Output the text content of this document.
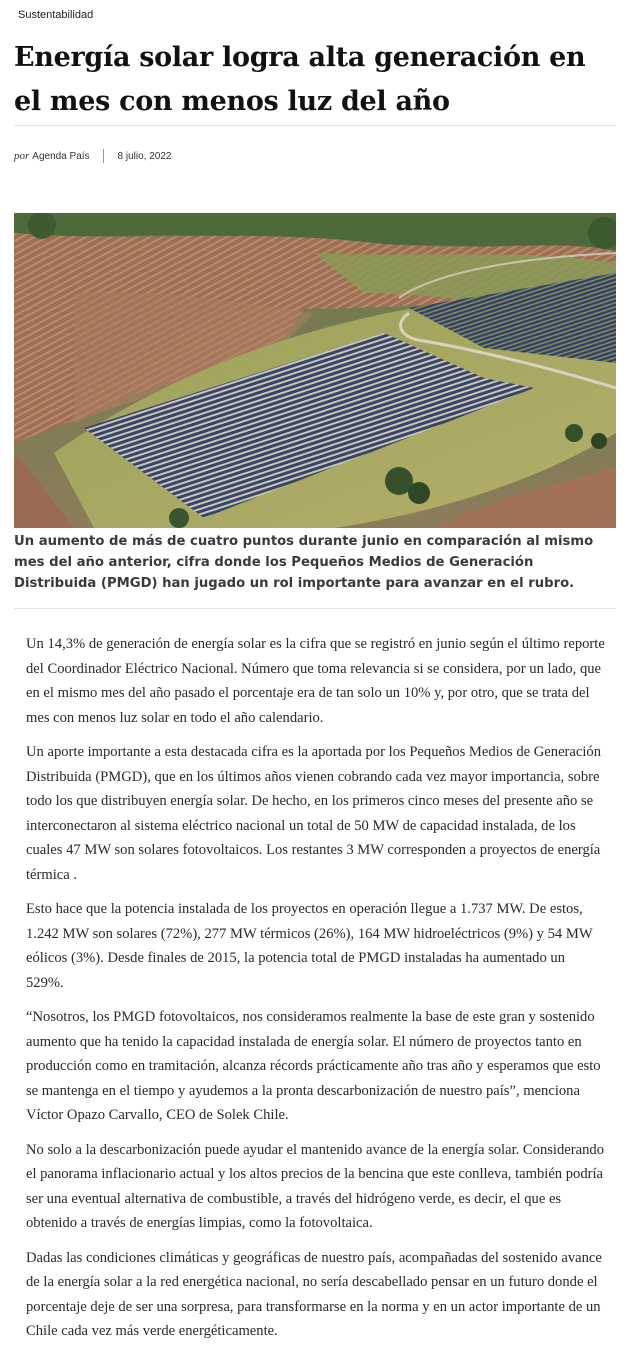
Sustentabilidad
Energía solar logra alta generación en el mes con menos luz del año
por Agenda País	8 julio, 2022

Un aumento de más de cuatro puntos durante junio en comparación al mismo mes del año anterior, cifra donde los Pequeños Medios de Generación Distribuida (PMGD) han jugado un rol importante para avanzar en el rubro.

Un 14,3% de generación de energía solar es la cifra que se registró en junio según el último reporte del Coordinador Eléctrico Nacional. Número que toma relevancia si se considera, por un lado, que en el mismo mes del año pasado el porcentaje era de tan solo un 10% y, por otro, que se trata del mes con menos luz solar en todo el año calendario.

Un aporte importante a esta destacada cifra es la aportada por los Pequeños Medios de Generación Distribuida (PMGD), que en los últimos años vienen cobrando cada vez mayor importancia, sobre todo los que distribuyen energía solar. De hecho, en los primeros cinco meses del presente año se interconectaron al sistema eléctrico nacional un total de 50 MW de capacidad instalada, de los cuales 47 MW son solares fotovoltaicos. Los restantes 3 MW corresponden a proyectos de energía térmica .

Esto hace que la potencia instalada de los proyectos en operación llegue a 1.737 MW. De estos, 1.242 MW son solares (72%), 277 MW térmicos (26%), 164 MW hidroeléctricos (9%) y 54 MW eólicos (3%). Desde finales de 2015, la potencia total de PMGD instaladas ha aumentado un 529%.

“Nosotros, los PMGD fotovoltaicos, nos consideramos realmente la base de este gran y sostenido aumento que ha tenido la capacidad instalada de energía solar. El número de proyectos tanto en producción como en tramitación, alcanza récords prácticamente año tras año y esperamos que esto se mantenga en el tiempo y ayudemos a la pronta descarbonización de nuestro país”, menciona Víctor Opazo Carvallo, CEO de Solek Chile.

No solo a la descarbonización puede ayudar el mantenido avance de la energía solar. Considerando el panorama inflacionario actual y los altos precios de la bencina que este conlleva, también podría ser una eventual alternativa de combustible, a través del hidrógeno verde, es decir, el que es obtenido a través de energías limpias, como la fotovoltaica.

Dadas las condiciones climáticas y geográficas de nuestro país, acompañadas del sostenido avance de la energía solar a la red energética nacional, no sería descabellado pensar en un futuro donde el porcentaje deje de ser una sorpresa, para transformarse en la norma y en un actor importante de un Chile cada vez más verde energéticamente.
